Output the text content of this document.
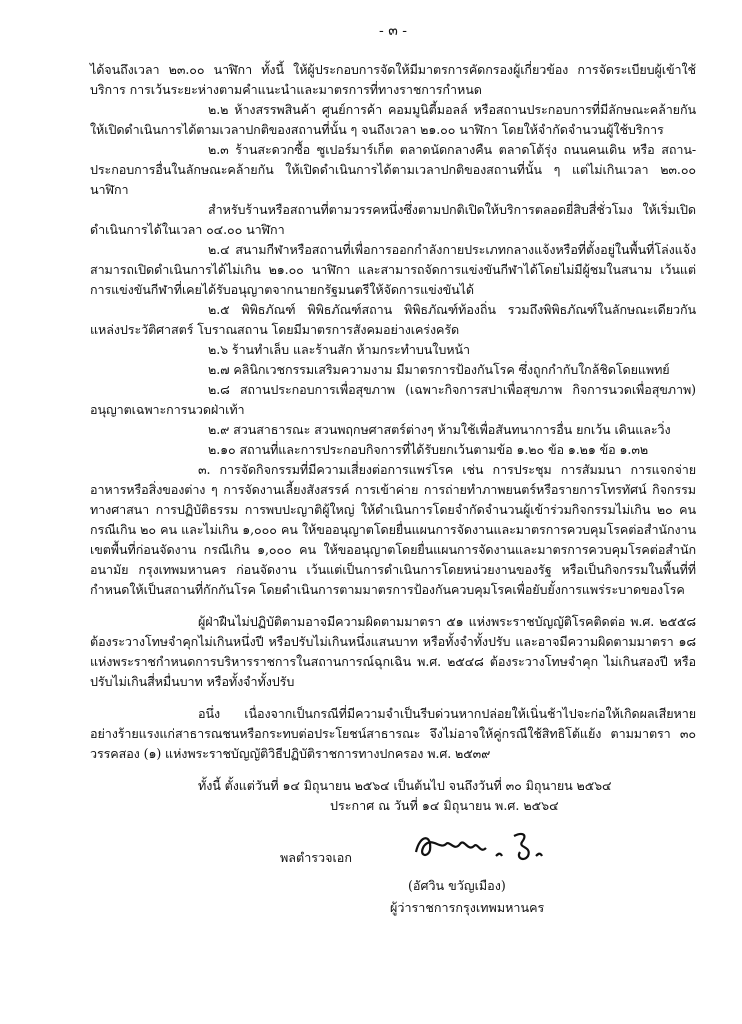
- ๓ -

ได้จนถึงเวลา ๒๓.๐๐ นาฬิกา ทั้งนี้ ให้ผู้ประกอบการจัดให้มีมาตรการคัดกรองผู้เกี่ยวข้อง การจัดระเบียบผู้เข้าใช้บริการ การเว้นระยะห่างตามคำแนะนำและมาตรการที่ทางราชการกำหนด

๒.๒ ห้างสรรพสินค้า ศูนย์การค้า คอมมูนิตี้มอลล์ หรือสถานประกอบการที่มีลักษณะคล้ายกัน ให้เปิดดำเนินการได้ตามเวลาปกติของสถานที่นั้น ๆ จนถึงเวลา ๒๑.๐๐ นาฬิกา โดยให้จำกัดจำนวนผู้ใช้บริการ

๒.๓ ร้านสะดวกซื้อ ซูเปอร์มาร์เก็ต ตลาดนัดกลางคืน ตลาดโต้รุ่ง ถนนคนเดิน หรือ สถาน-ประกอบการอื่นในลักษณะคล้ายกัน ให้เปิดดำเนินการได้ตามเวลาปกติของสถานที่นั้น ๆ แต่ไม่เกินเวลา ๒๓.๐๐ นาฬิกา

สำหรับร้านหรือสถานที่ตามวรรคหนึ่งซึ่งตามปกติเปิดให้บริการตลอดยี่สิบสี่ชั่วโมง ให้เริ่มเปิดดำเนินการได้ในเวลา ๐๔.๐๐ นาฬิกา

๒.๔ สนามกีฬาหรือสถานที่เพื่อการออกกำลังกายประเภทกลางแจ้งหรือที่ตั้งอยู่ในพื้นที่โล่งแจ้ง สามารถเปิดดำเนินการได้ไม่เกิน ๒๑.๐๐ นาฬิกา และสามารถจัดการแข่งขันกีฬาได้โดยไม่มีผู้ชมในสนาม เว้นแต่การแข่งขันกีฬาที่เคยได้รับอนุญาตจากนายกรัฐมนตรีให้จัดการแข่งขันได้

๒.๕ พิพิธภัณฑ์ พิพิธภัณฑ์สถาน พิพิธภัณฑ์ท้องถิ่น รวมถึงพิพิธภัณฑ์ในลักษณะเดียวกัน แหล่งประวัติศาสตร์ โบราณสถาน โดยมีมาตรการสังคมอย่างเคร่งครัด

๒.๖ ร้านทำเล็บ และร้านสัก ห้ามกระทำบนใบหน้า

๒.๗ คลินิกเวชกรรมเสริมความงาม มีมาตรการป้องกันโรค ซึ่งถูกกำกับใกล้ชิดโดยแพทย์

๒.๘ สถานประกอบการเพื่อสุขภาพ (เฉพาะกิจการสปาเพื่อสุขภาพ กิจการนวดเพื่อสุขภาพ) อนุญาตเฉพาะการนวดฝ่าเท้า

๒.๙ สวนสาธารณะ สวนพฤกษศาสตร์ต่างๆ ห้ามใช้เพื่อสันทนาการอื่น ยกเว้น เดินและวิ่ง

๒.๑๐ สถานที่และการประกอบกิจการที่ได้รับยกเว้นตามข้อ ๑.๒๐ ข้อ ๑.๒๑ ข้อ ๑.๓๒

๓. การจัดกิจกรรมที่มีความเสี่ยงต่อการแพร่โรค เช่น การประชุม การสัมมนา การแจกจ่ายอาหารหรือสิ่งของต่าง ๆ การจัดงานเลี้ยงสังสรรค์ การเข้าค่าย การถ่ายทำภาพยนตร์หรือรายการโทรทัศน์ กิจกรรมทางศาสนา การปฏิบัติธรรม การพบปะญาติผู้ใหญ่ ให้ดำเนินการโดยจำกัดจำนวนผู้เข้าร่วมกิจกรรมไม่เกิน ๒๐ คน กรณีเกิน ๒๐ คน และไม่เกิน ๑,๐๐๐ คน ให้ขออนุญาตโดยยื่นแผนการจัดงานและมาตรการควบคุมโรคต่อสำนักงานเขตพื้นที่ก่อนจัดงาน กรณีเกิน ๑,๐๐๐ คน ให้ขออนุญาตโดยยื่นแผนการจัดงานและมาตรการควบคุมโรคต่อสำนักอนามัย กรุงเทพมหานคร ก่อนจัดงาน เว้นแต่เป็นการดำเนินการโดยหน่วยงานของรัฐ หรือเป็นกิจกรรมในพื้นที่ที่กำหนดให้เป็นสถานที่กักกันโรค โดยดำเนินการตามมาตรการป้องกันควบคุมโรคเพื่อยับยั้งการแพร่ระบาดของโรค

ผู้ฝ่าฝืนไม่ปฏิบัติตามอาจมีความผิดตามมาตรา ๕๑ แห่งพระราชบัญญัติโรคติดต่อ พ.ศ. ๒๕๕๘ ต้องระวางโทษจำคุกไม่เกินหนึ่งปี หรือปรับไม่เกินหนึ่งแสนบาท หรือทั้งจำทั้งปรับ และอาจมีความผิดตามมาตรา ๑๘ แห่งพระราชกำหนดการบริหารราชการในสถานการณ์ฉุกเฉิน พ.ศ. ๒๕๔๘ ต้องระวางโทษจำคุก ไม่เกินสองปี หรือปรับไม่เกินสี่หมื่นบาท หรือทั้งจำทั้งปรับ

อนึ่ง เนื่องจากเป็นกรณีที่มีความจำเป็นรีบด่วนหากปล่อยให้เนิ่นช้าไปจะก่อให้เกิดผลเสียหายอย่างร้ายแรงแก่สาธารณชนหรือกระทบต่อประโยชน์สาธารณะ จึงไม่อาจให้คู่กรณีใช้สิทธิโต้แย้ง ตามมาตรา ๓๐ วรรคสอง (๑) แห่งพระราชบัญญัติวิธีปฏิบัติราชการทางปกครอง พ.ศ. ๒๕๓๙

ทั้งนี้ ตั้งแต่วันที่ ๑๔ มิถุนายน ๒๕๖๔ เป็นต้นไป จนถึงวันที่ ๓๐ มิถุนายน ๒๕๖๔

ประกาศ ณ วันที่ ๑๔ มิถุนายน พ.ศ. ๒๕๖๔
พลตำรวจเอก
(อัศวิน ขวัญเมือง)
ผู้ว่าราชการกรุงเทพมหานคร
